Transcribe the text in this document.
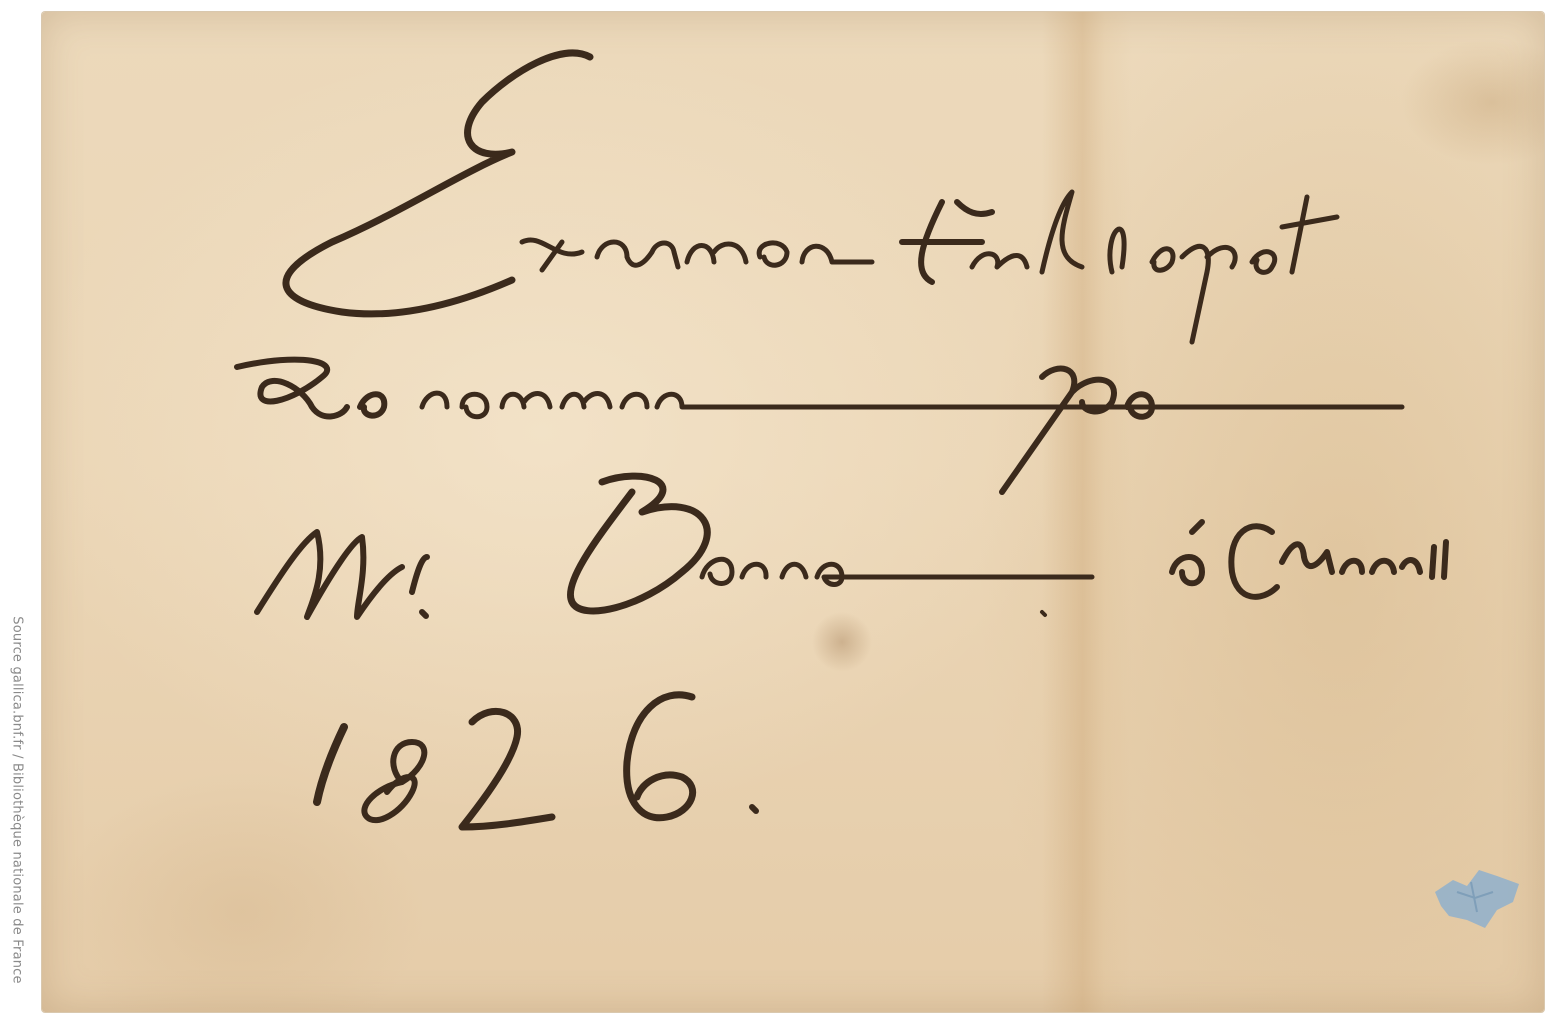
Source gallica.bnf.fr / Bibliothèque nationale de France
